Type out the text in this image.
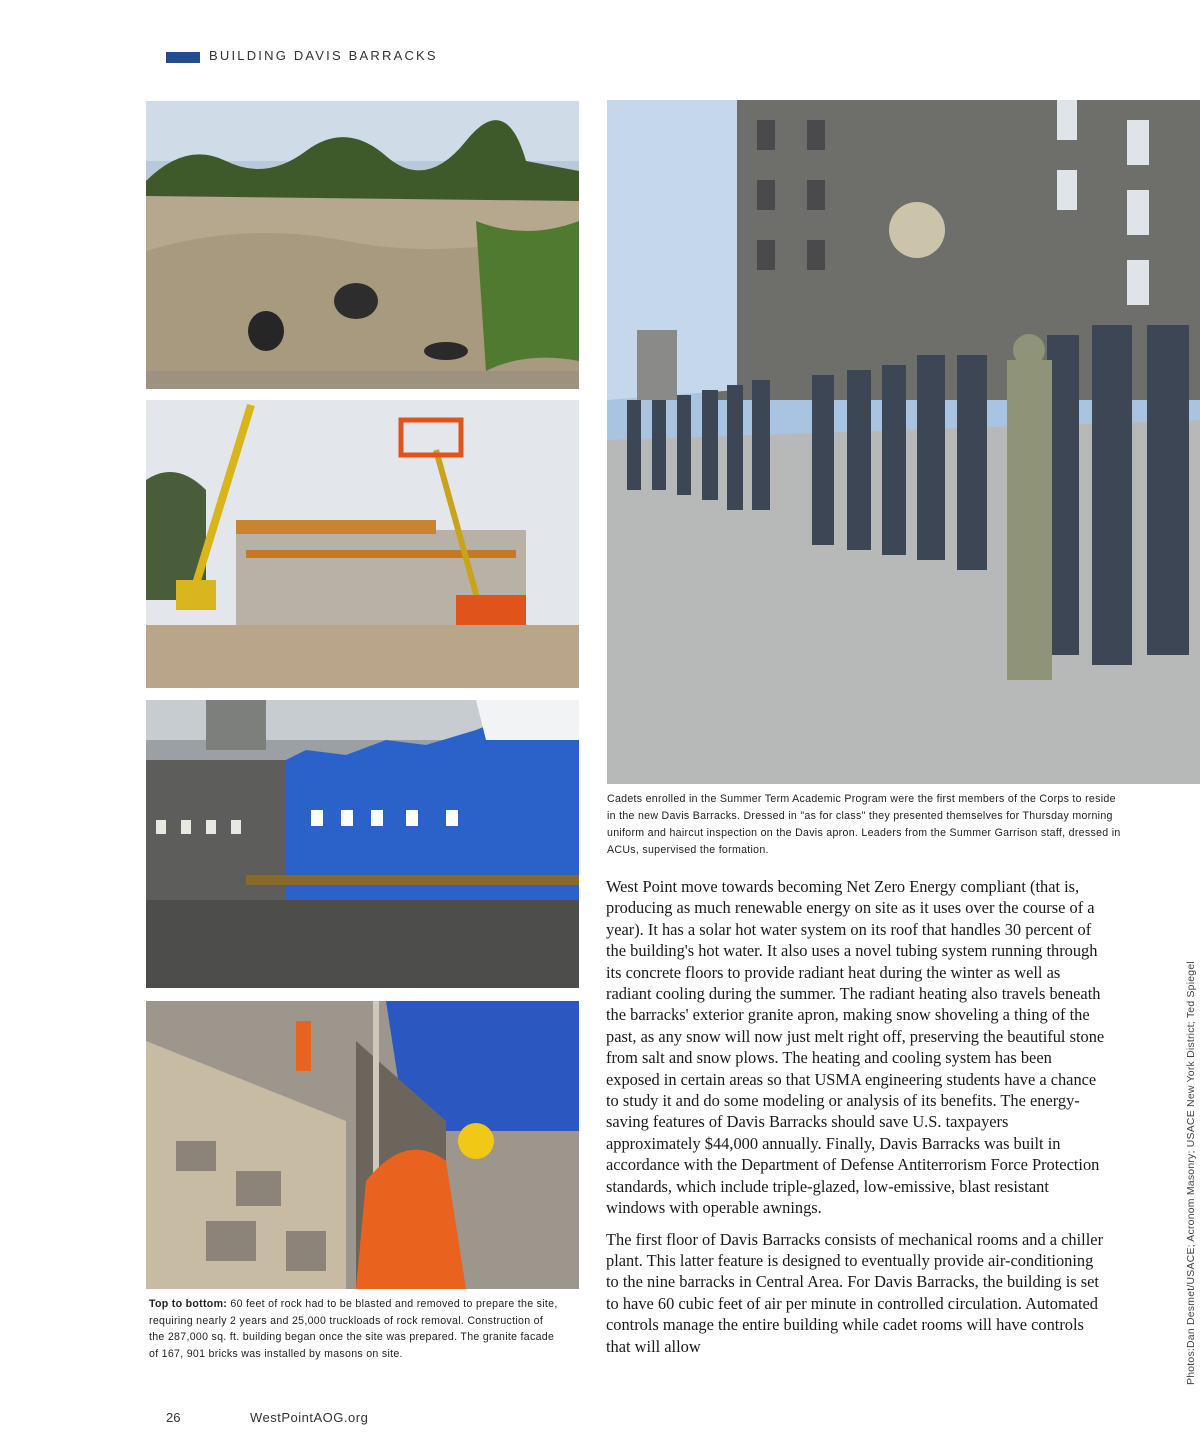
BUILDING DAVIS BARRACKS
Cadets enrolled in the Summer Term Academic Program were the first members of the Corps to reside in the new Davis Barracks. Dressed in "as for class" they presented themselves for Thursday morning uniform and haircut inspection on the Davis apron. Leaders from the Summer Garrison staff, dressed in ACUs, supervised the formation.
Top to bottom: 60 feet of rock had to be blasted and removed to prepare the site, requiring nearly 2 years and 25,000 truckloads of rock removal. Construction of the 287,000 sq. ft. building began once the site was prepared. The granite facade of 167, 901 bricks was installed by masons on site.

West Point move towards becoming Net Zero Energy compliant (that is, producing as much renewable energy on site as it uses over the course of a year). It has a solar hot water system on its roof that handles 30 percent of the building's hot water. It also uses a novel tubing system running through its concrete floors to provide radiant heat during the winter as well as radiant cooling during the summer. The radiant heating also travels beneath the barracks' exterior granite apron, making snow shoveling a thing of the past, as any snow will now just melt right off, preserving the beautiful stone from salt and snow plows. The heating and cooling system has been exposed in certain areas so that USMA engineering students have a chance to study it and do some modeling or analysis of its benefits. The energy-saving features of Davis Barracks should save U.S. taxpayers approximately $44,000 annually. Finally, Davis Barracks was built in accordance with the Department of Defense Antiterrorism Force Protection standards, which include triple-glazed, low-emissive, blast resistant windows with operable awnings.

The first floor of Davis Barracks consists of mechanical rooms and a chiller plant. This latter feature is designed to eventually provide air-conditioning to the nine barracks in Central Area. For Davis Barracks, the building is set to have 60 cubic feet of air per minute in controlled circulation. Automated controls manage the entire building while cadet rooms will have controls that will allow	Photos:Dan Desmet/USACE; Acronom Masonry; USACE New York District; Ted Spiegel
26	WestPointAOG.org
